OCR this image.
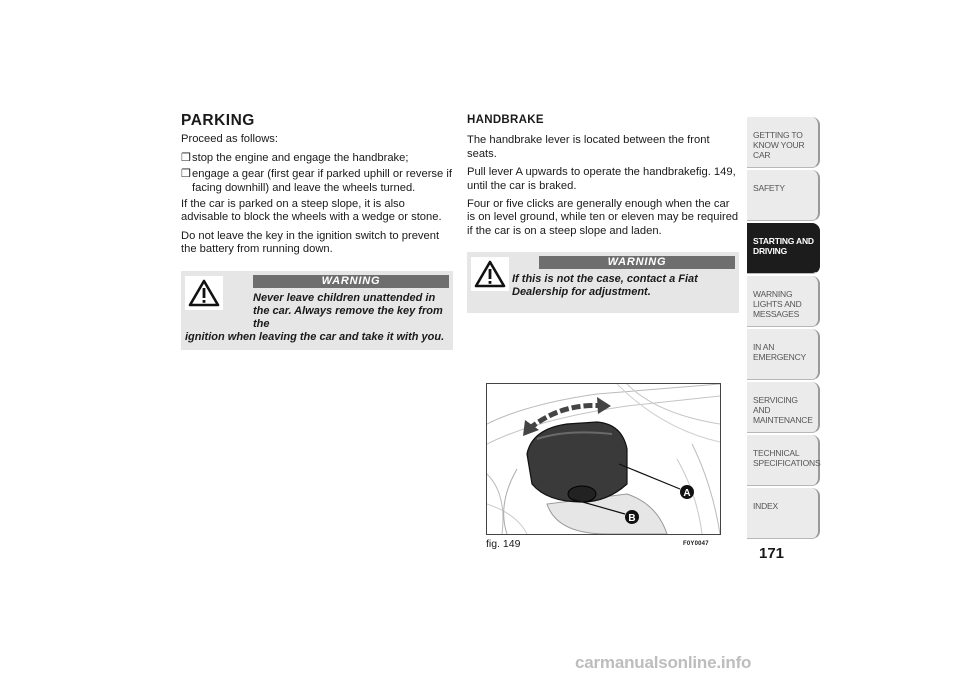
PARKING

Proceed as follows:

❒ stop the engine and engage the handbrake;
❒ engage a gear (first gear if parked uphill or reverse if facing downhill) and leave the wheels turned.

If the car is parked on a steep slope, it is also advisable to block the wheels with a wedge or stone.

Do not leave the key in the ignition switch to prevent the battery from running down.

WARNING
Never leave children unattended in the car. Always remove the key from the
ignition when leaving the car and take it with you.
HANDBRAKE

The handbrake lever is located between the front seats.

Pull lever A upwards to operate the handbrakefig. 149, until the car is braked.

Four or five clicks are generally enough when the car is on level ground, while ten or eleven may be required if the car is on a steep slope and laden.

WARNING
If this is not the case, contact a Fiat Dealership for adjustment.
A
B
fig. 149	F0Y0047
GETTING TO KNOW YOUR CAR
SAFETY
STARTING AND DRIVING
WARNING LIGHTS AND MESSAGES
IN AN EMERGENCY
SERVICING AND MAINTENANCE
TECHNICAL SPECIFICATIONS
INDEX
171
carmanualsonline.info
